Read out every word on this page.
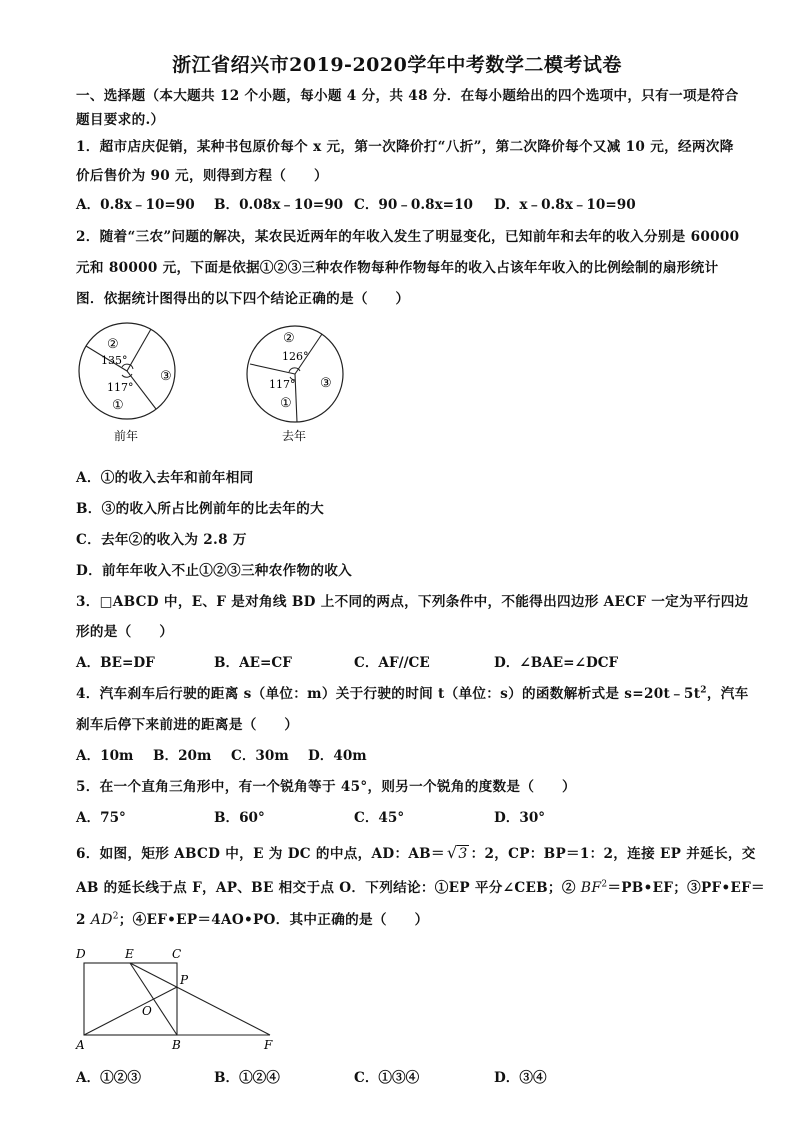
浙江省绍兴市2019-2020学年中考数学二模考试卷
一、选择题（本大题共 12 个小题，每小题 4 分，共 48 分．在每小题给出的四个选项中，只有一项是符合
题目要求的.）
1．超市店庆促销，某种书包原价每个 x 元，第一次降价打“八折”，第二次降价每个又减 10 元，经两次降
价后售价为 90 元，则得到方程（　　）
A．0.8x﹣10=90 B．0.08x﹣10=90 C．90﹣0.8x=10 D．x﹣0.8x﹣10=90
2．随着“三农”问题的解决，某农民近两年的年收入发生了明显变化，已知前年和去年的收入分别是 60000
元和 80000 元，下面是依据①②③三种农作物每种作物每年的收入占该年年收入的比例绘制的扇形统计
图．依据统计图得出的以下四个结论正确的是（　　）
②
135°
③
117°
①
前年
②
126°
③
117°
①
去年
A．①的收入去年和前年相同
B．③的收入所占比例前年的比去年的大
C．去年②的收入为 2.8 万
D．前年年收入不止①②③三种农作物的收入
3．□ABCD 中，E、F 是对角线 BD 上不同的两点，下列条件中，不能得出四边形 AECF 一定为平行四边
形的是（　　）
A．BE=DF	B．AE=CF	C．AF//CE	D．∠BAE=∠DCF
4．汽车刹车后行驶的距离 s（单位：m）关于行驶的时间 t（单位：s）的函数解析式是 $s=20t﹣5t^2$，汽车
刹车后停下来前进的距离是（　　）
A．10m B．20m C．30m D．40m
5．在一个直角三角形中，有一个锐角等于 45°，则另一个锐角的度数是（　　）
A．75°	B．60°	C．45°	D．30°
6．如图，矩形 ABCD 中，E 为 DC 的中点，AD：AB＝ √3 ：2，CP：BP＝1：2，连接 EP 并延长，交
AB 的延长线于点 F，AP、BE 相交于点 O．下列结论：①EP 平分∠CEB；② $BF^2=PB•EF$；③PF•EF＝
2 $AD^2$；④EF•EP＝4AO•PO．其中正确的是（　　）
D	E	C
P
O
A	B	F
A．①②③	B．①②④	C．①③④	D．③④
